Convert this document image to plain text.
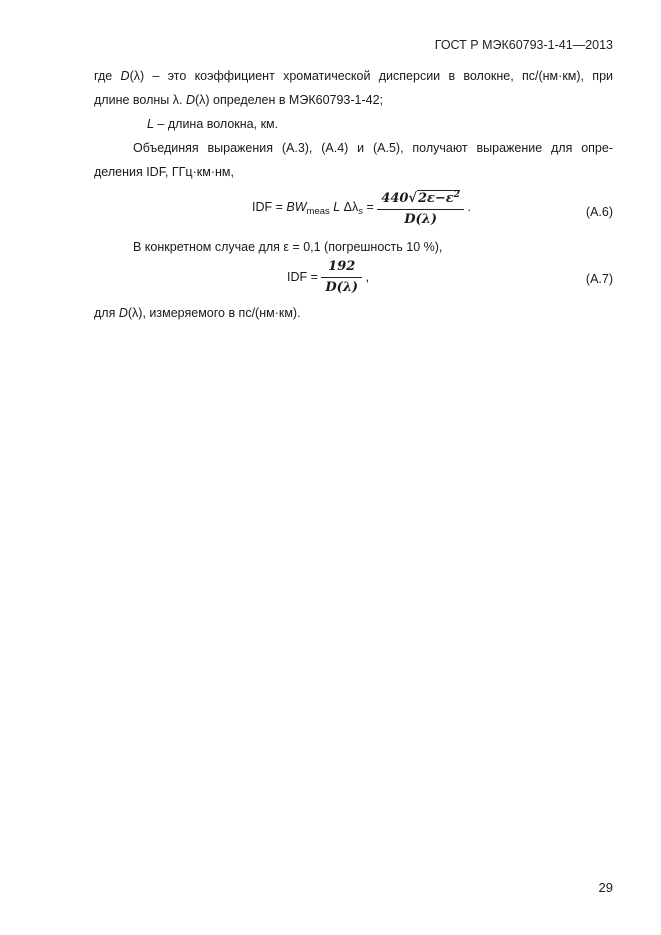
ГОСТ Р МЭК60793-1-41—2013
где D(λ) – это коэффициент хроматической дисперсии в волокне, пс/(нм·км), при
длине волны λ. D(λ) определен в МЭК60793-1-42;
L – длина волокна, км.
Объединяя выражения (А.3), (А.4) и (А.5), получают выражение для опре-
деления IDF, ГГц·км·нм,
IDF = $BW_{meas}$ L $\Delta\lambda_s = \frac{440√2\varepsilon-\varepsilon^2}{D(\lambda)}$ .	(А.6)
В конкретном случае для ε = 0,1 (погрешность 10 %),
IDF = $\frac{192}{D(\lambda)}$ ,	(А.7)
для D(λ), измеряемого в пс/(нм·км).
29
